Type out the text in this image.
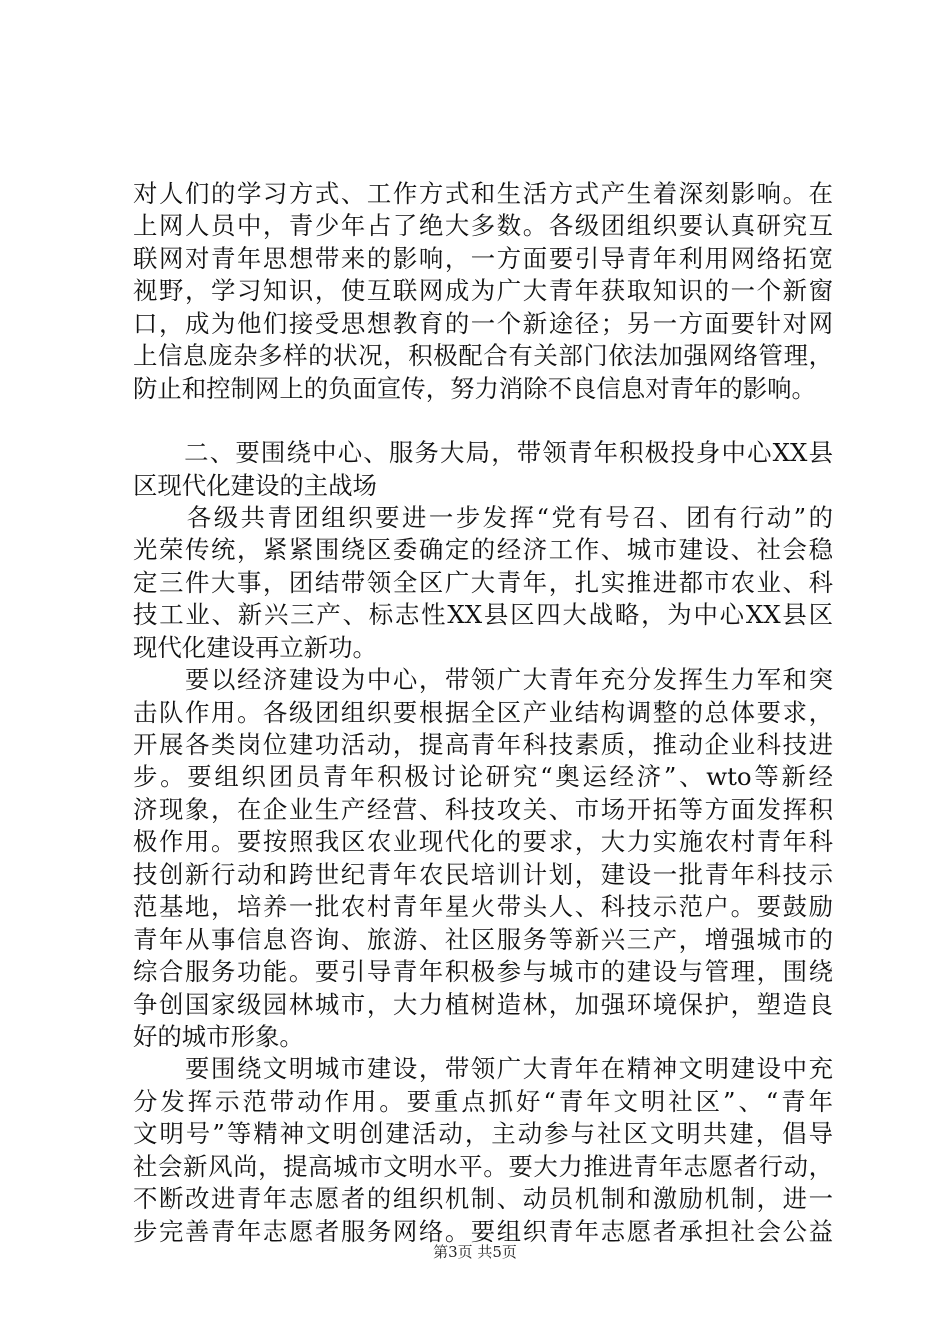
对人们的学习方式、工作方式和生活方式产生着深刻影响。在
上网人员中，青少年占了绝大多数。各级团组织要认真研究互
联网对青年思想带来的影响，一方面要引导青年利用网络拓宽
视野，学习知识，使互联网成为广大青年获取知识的一个新窗
口，成为他们接受思想教育的一个新途径；另一方面要针对网
上信息庞杂多样的状况，积极配合有关部门依法加强网络管理，
防止和控制网上的负面宣传，努力消除不良信息对青年的影响。
　　二、要围绕中心、服务大局，带领青年积极投身中心XX县
区现代化建设的主战场
　　各级共青团组织要进一步发挥“党有号召、团有行动”的
光荣传统，紧紧围绕区委确定的经济工作、城市建设、社会稳
定三件大事，团结带领全区广大青年，扎实推进都市农业、科
技工业、新兴三产、标志性XX县区四大战略，为中心XX县区
现代化建设再立新功。
　　要以经济建设为中心，带领广大青年充分发挥生力军和突
击队作用。各级团组织要根据全区产业结构调整的总体要求，
开展各类岗位建功活动，提高青年科技素质，推动企业科技进
步。要组织团员青年积极讨论研究“奥运经济”、wto等新经
济现象，在企业生产经营、科技攻关、市场开拓等方面发挥积
极作用。要按照我区农业现代化的要求，大力实施农村青年科
技创新行动和跨世纪青年农民培训计划，建设一批青年科技示
范基地，培养一批农村青年星火带头人、科技示范户。要鼓励
青年从事信息咨询、旅游、社区服务等新兴三产，增强城市的
综合服务功能。要引导青年积极参与城市的建设与管理，围绕
争创国家级园林城市，大力植树造林，加强环境保护，塑造良
好的城市形象。
　　要围绕文明城市建设，带领广大青年在精神文明建设中充
分发挥示范带动作用。要重点抓好“青年文明社区”、“青年
文明号”等精神文明创建活动，主动参与社区文明共建，倡导
社会新风尚，提高城市文明水平。要大力推进青年志愿者行动，
不断改进青年志愿者的组织机制、动员机制和激励机制，进一
步完善青年志愿者服务网络。要组织青年志愿者承担社会公益
第3页 共5页
